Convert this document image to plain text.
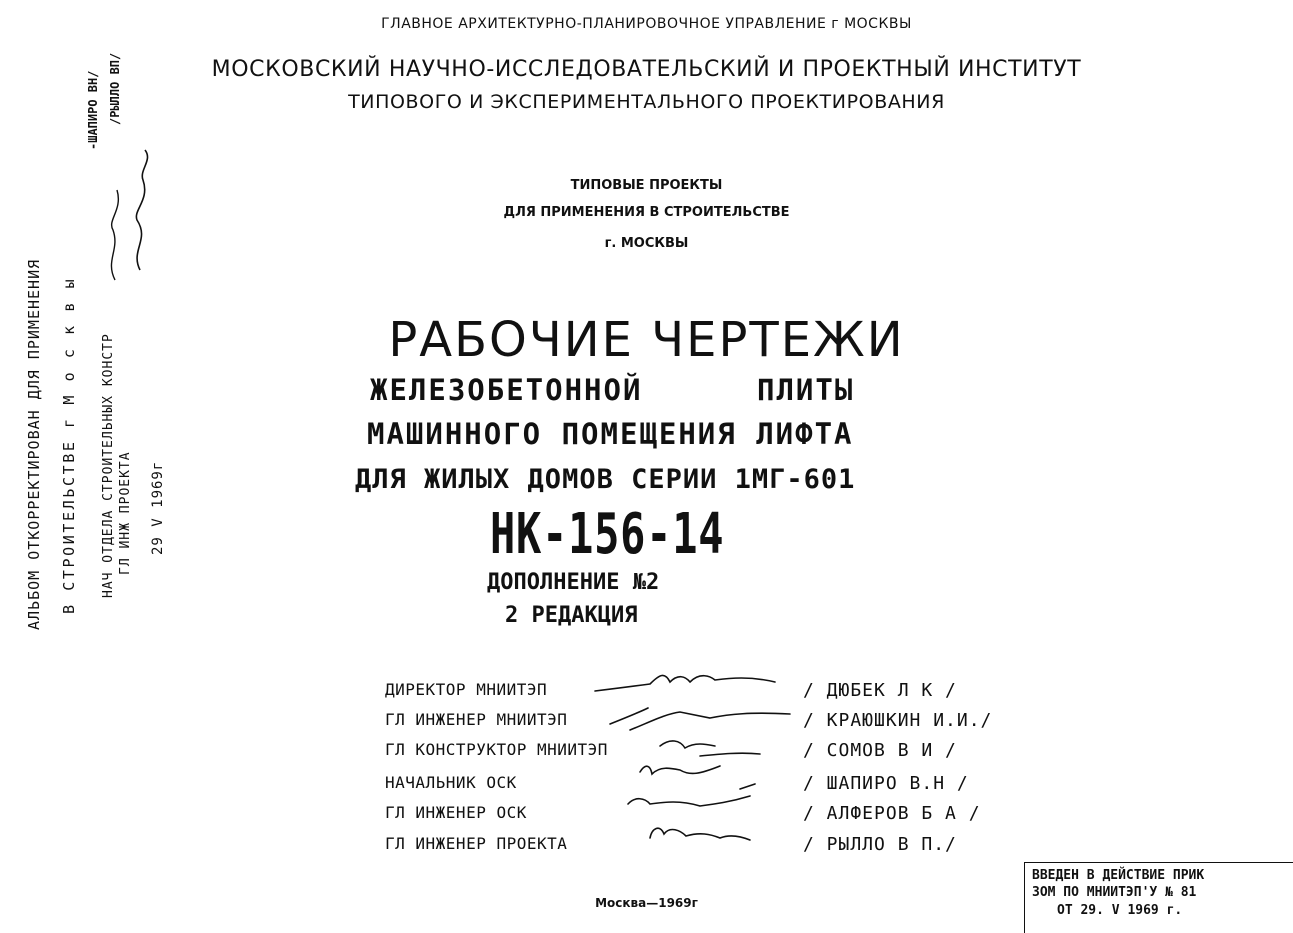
ГЛАВНОЕ АРХИТЕКТУРНО-ПЛАНИРОВОЧНОЕ УПРАВЛЕНИЕ г МОСКВЫ
МОСКОВСКИЙ НАУЧНО-ИССЛЕДОВАТЕЛЬСКИЙ И ПРОЕКТНЫЙ ИНСТИТУТ
ТИПОВОГО И ЭКСПЕРИМЕНТАЛЬНОГО ПРОЕКТИРОВАНИЯ
ТИПОВЫЕ ПРОЕКТЫ
ДЛЯ ПРИМЕНЕНИЯ В СТРОИТЕЛЬСТВЕ
г. МОСКВЫ
РАБОЧИЕ ЧЕРТЕЖИ
ЖЕЛЕЗОБЕТОННОЙ	ПЛИТЫ
МАШИННОГО ПОМЕЩЕНИЯ ЛИФТА
ДЛЯ ЖИЛЫХ ДОМОВ СЕРИИ 1МГ-601
НК-156-14
ДОПОЛНЕНИЕ №2
2 РЕДАКЦИЯ
ДИРЕКТОР МНИИТЭП	/ ДЮБЕК Л К /
ГЛ ИНЖЕНЕР МНИИТЭП	/ КРАЮШКИН И.И./
ГЛ КОНСТРУКТОР МНИИТЭП	/ СОМОВ В И /
НАЧАЛЬНИК ОСК	/ ШАПИРО В.Н /
ГЛ ИНЖЕНЕР ОСК	/ АЛФЕРОВ Б А /
ГЛ ИНЖЕНЕР ПРОЕКТА	/ РЫЛЛО В П./
Москва—1969г
ВВЕДЕН В ДЕЙСТВИЕ ПРИК
ЗОМ ПО МНИИТЭП'У № 81
ОТ 29. V 1969 г.
АЛЬБОМ ОТКОРРЕКТИРОВАН ДЛЯ ПРИМЕНЕНИЯ В СТРОИТЕЛЬСТВЕ г М о с к в ы НАЧ ОТДЕЛА СТРОИТЕЛЬНЫХ КОНСТР ГЛ ИНЖ ПРОЕКТА 29 V 1969г
-ШАПИРО ВН/ /РЫЛЛО ВП/
